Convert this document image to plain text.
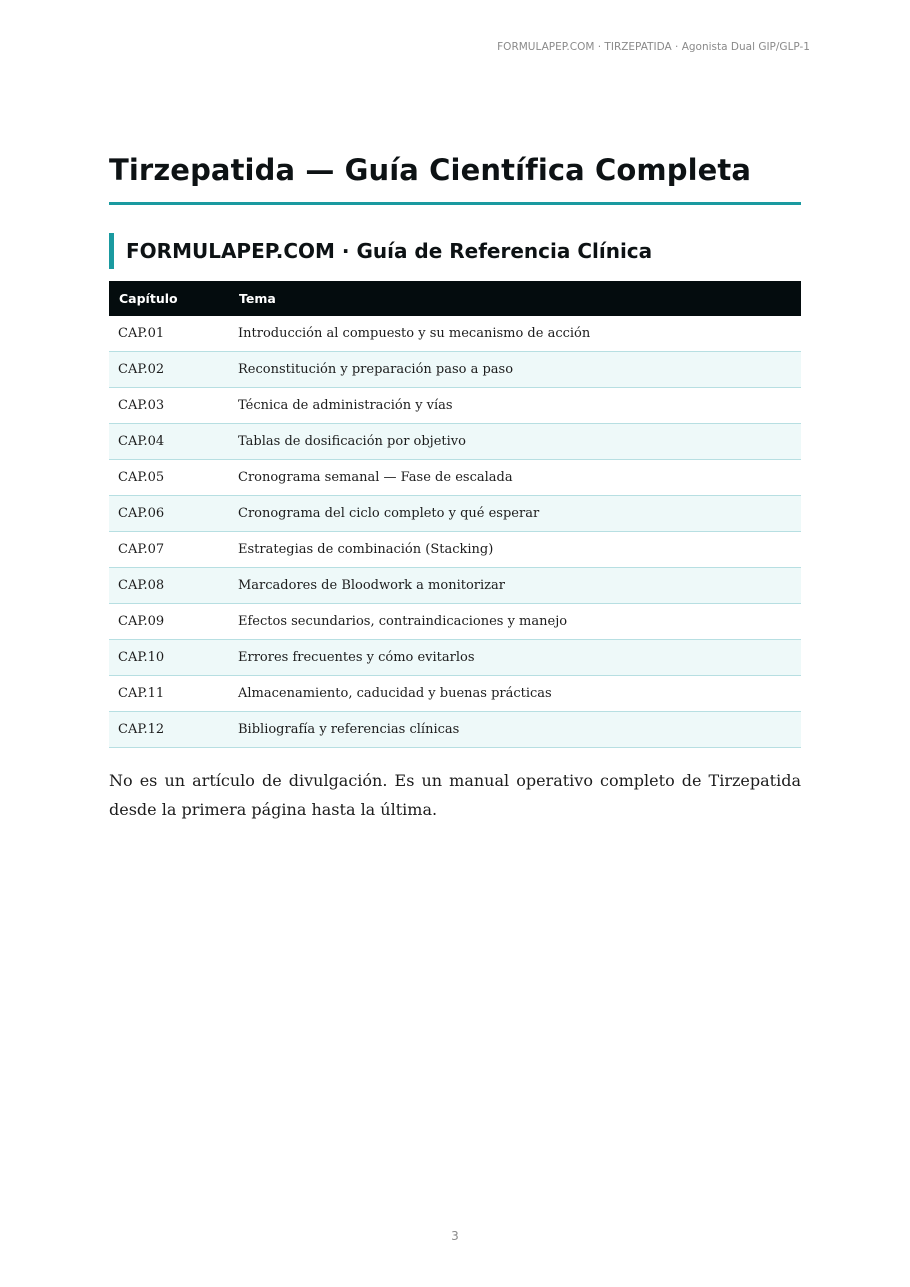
FORMULAPEP.COM · TIRZEPATIDA · Agonista Dual GIP/GLP-1
Tirzepatida — Guía Científica Completa
FORMULAPEP.COM · Guía de Referencia Clínica
Capítulo	Tema
CAP.01	Introducción al compuesto y su mecanismo de acción
CAP.02	Reconstitución y preparación paso a paso
CAP.03	Técnica de administración y vías
CAP.04	Tablas de dosificación por objetivo
CAP.05	Cronograma semanal — Fase de escalada
CAP.06	Cronograma del ciclo completo y qué esperar
CAP.07	Estrategias de combinación (Stacking)
CAP.08	Marcadores de Bloodwork a monitorizar
CAP.09	Efectos secundarios, contraindicaciones y manejo
CAP.10	Errores frecuentes y cómo evitarlos
CAP.11	Almacenamiento, caducidad y buenas prácticas
CAP.12	Bibliografía y referencias clínicas

No es un artículo de divulgación. Es un manual operativo completo de Tirzepatida desde la primera página hasta la última.

3
